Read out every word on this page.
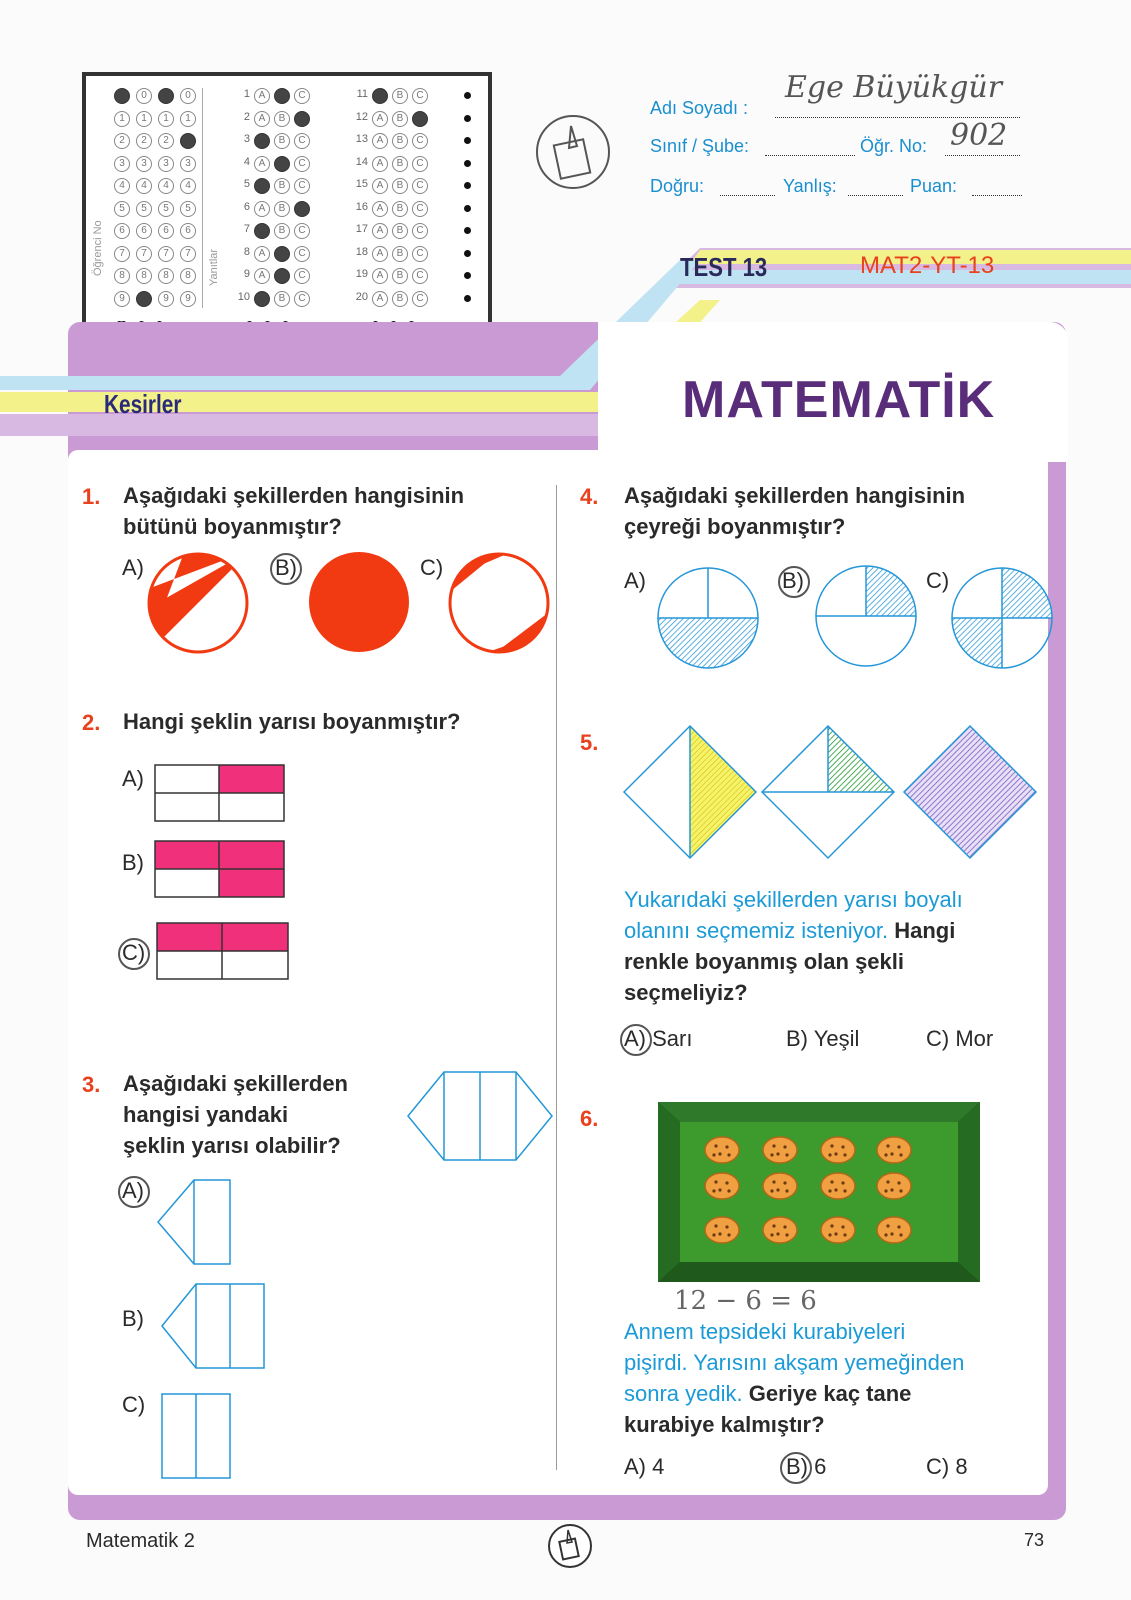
Öğrenci No	Yanıtlar
0	0	0	0
1	1	1	1
2	2	2	2
3	3	3	3
4	4	4	4
5	5	5	5
6	6	6	6
7	7	7	7
8	8	8	8
9	9	9	9
1 A	B	C
2 A	B	C
3 A	B	C
4 A	B	C
5 A	B	C
6 A	B	C
7 A	B	C
8 A	B	C
9 A	B	C
10 A	B	C
11 A	B	C
12 A	B	C
13 A	B	C
14 A	B	C
15 A	B	C
16 A	B	C
17 A	B	C
18 A	B	C
19 A	B	C
20 A	B	C
Adı Soyadı :
Ege Büyükgür
Sınıf / Şube:	Öğr. No: 902
Doğru:	Yanlış:	Puan:
TEST 13	MAT2-YT-13
Kesirler	MATEMATİK
1. Aşağıdaki şekillerden hangisinin
bütünü boyanmıştır?
A)	B)	C)
2. Hangi şeklin yarısı boyanmıştır?
A)
B)
C)
3. Aşağıdaki şekillerden
hangisi yandaki
şeklin yarısı olabilir?
A)
B)
C)
4. Aşağıdaki şekillerden hangisinin
çeyreği boyanmıştır?
A)	B)	C)
5.
Yukarıdaki şekillerden yarısı boyalı
olanını seçmemiz isteniyor. Hangi
renkle boyanmış olan şekli
seçmeliyiz?
A) Sarı	B) Yeşil	C) Mor
6.
12 − 6 = 6
Annem tepsideki kurabiyeleri
pişirdi. Yarısını akşam yemeğinden
sonra yedik. Geriye kaç tane
kurabiye kalmıştır?
A) 4	B) 6	C) 8
Matematik 2	73
